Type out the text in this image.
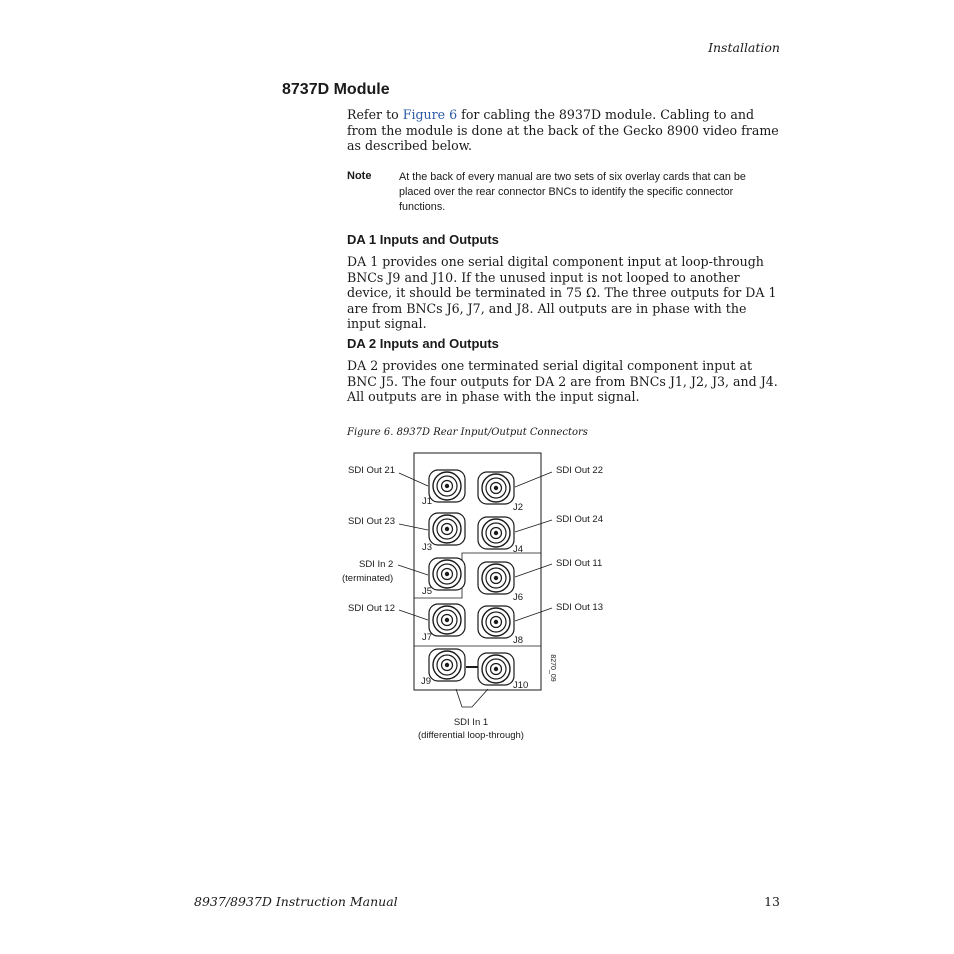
Installation
8737D Module
Refer to Figure 6 for cabling the 8937D module. Cabling to and from the module is done at the back of the Gecko 8900 video frame as described below.
Note	At the back of every manual are two sets of six overlay cards that can be placed over the rear connector BNCs to identify the specific connector functions.
DA 1 Inputs and Outputs
DA 1 provides one serial digital component input at loop-through BNCs J9 and J10. If the unused input is not looped to another device, it should be terminated in 75 Ω. The three outputs for DA 1 are from BNCs J6, J7, and J8. All outputs are in phase with the input signal.
DA 2 Inputs and Outputs
DA 2 provides one terminated serial digital component input at BNC J5. The four outputs for DA 2 are from BNCs J1, J2, J3, and J4. All outputs are in phase with the input signal.
Figure 6. 8937D Rear Input/Output Connectors
J1
J2
J3	J4
J5
J6
J7	J8
J9	J10
SDI Out 21
SDI Out 23
SDI In 2
(terminated)
SDI Out 12
SDI Out 22
SDI Out 24
SDI Out 11
SDI Out 13
SDI In 1
(differential loop-through)
8270_09
8937/8937D Instruction Manual	13
